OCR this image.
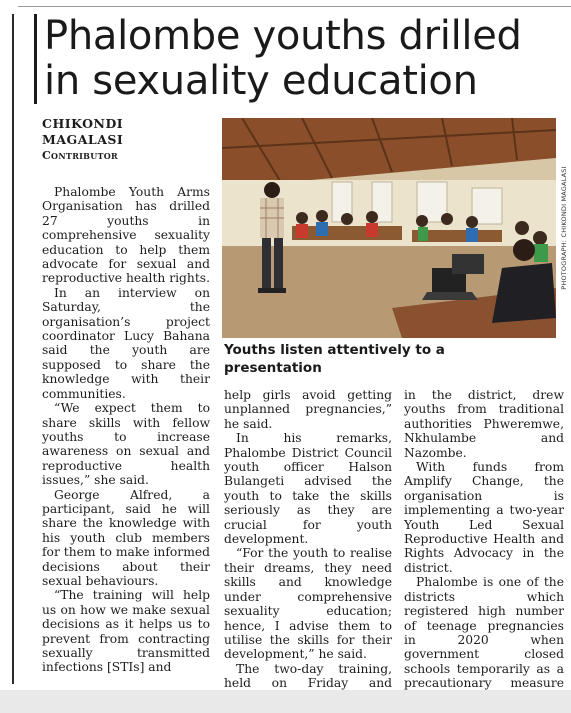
Phalombe youths drilled in sexuality education
CHIKONDI
MAGALASI
Contributor
PHOTOGRAPH: CHIKONDI MAGALASI

Youths listen attentively to a presentation

Phalombe Youth Arms Organisation has drilled 27 youths in comprehensive sexuality education to help them advocate for sexual and reproductive health rights.

In an interview on Saturday, the organisation’s project coordinator Lucy Bahana said the youth are supposed to share the knowledge with their communities.

“We expect them to share skills with fellow youths to increase awareness on sexual and reproductive health issues,” she said.

George Alfred, a participant, said he will share the knowledge with his youth club members for them to make informed decisions about their sexual behaviours.

“The training will help us on how we make sexual decisions as it helps us to prevent from contracting sexually transmitted infections [STIs] and

help girls avoid getting unplanned pregnancies,” he said.

In his remarks, Phalombe District Council youth officer Halson Bulangeti advised the youth to take the skills seriously as they are crucial for youth development.

“For the youth to realise their dreams, they need skills and knowledge under comprehensive sexuality education; hence, I advise them to utilise the skills for their development,” he said.

The two-day training, held on Friday and

in the district, drew youths from traditional authorities Phweremwe, Nkhulambe and Nazombe.

With funds from Amplify Change, the organisation is implementing a two-year Youth Led Sexual Reproductive Health and Rights Advocacy in the district.

Phalombe is one of the districts which registered high number of teenage pregnancies in 2020 when government closed schools temporarily as a precautionary measure
